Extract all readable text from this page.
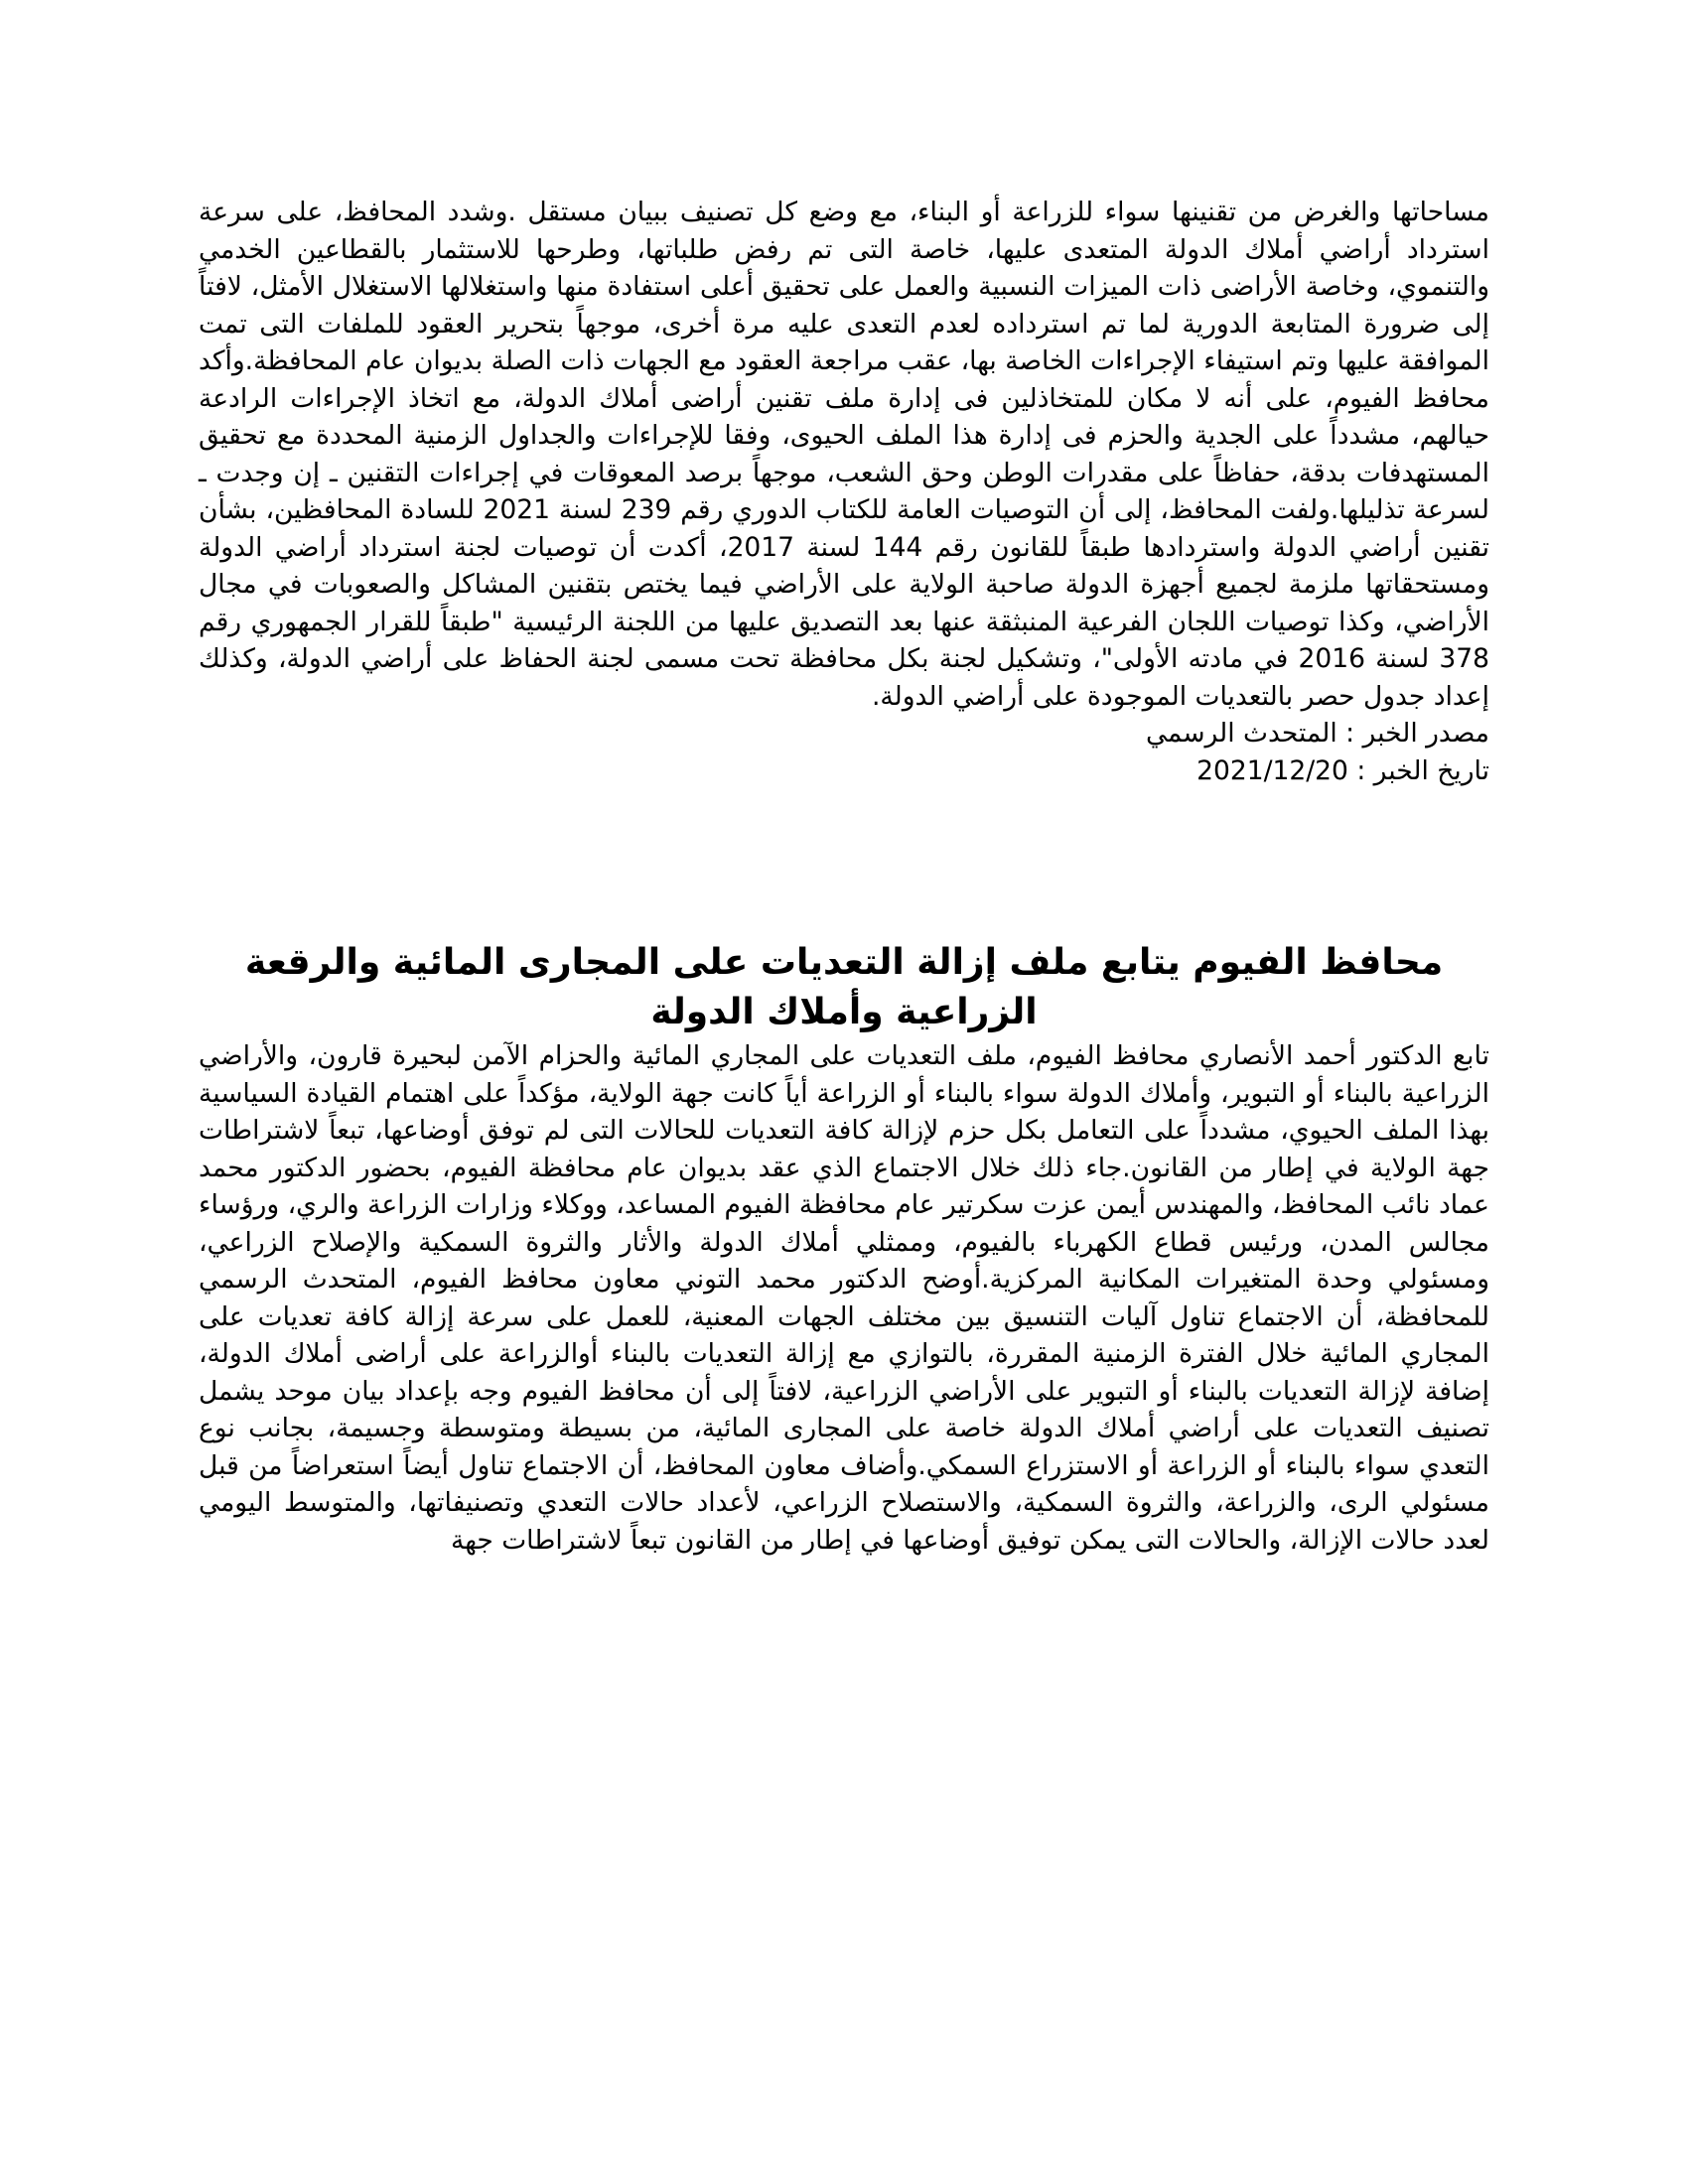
مساحاتها والغرض من تقنينها سواء للزراعة أو البناء، مع وضع كل تصنيف ببيان مستقل .وشدد المحافظ، على سرعة استرداد أراضي أملاك الدولة المتعدى عليها، خاصة التى تم رفض طلباتها، وطرحها للاستثمار بالقطاعين الخدمي والتنموي، وخاصة الأراضى ذات الميزات النسبية والعمل على تحقيق أعلى استفادة منها واستغلالها الاستغلال الأمثل، لافتاً إلى ضرورة المتابعة الدورية لما تم استرداده لعدم التعدى عليه مرة أخرى، موجهاً بتحرير العقود للملفات التى تمت الموافقة عليها وتم استيفاء الإجراءات الخاصة بها، عقب مراجعة العقود مع الجهات ذات الصلة بديوان عام المحافظة.وأكد محافظ الفيوم، على أنه لا مكان للمتخاذلين فى إدارة ملف تقنين أراضى أملاك الدولة، مع اتخاذ الإجراءات الرادعة حيالهم، مشدداً على الجدية والحزم فى إدارة هذا الملف الحيوى، وفقا للإجراءات والجداول الزمنية المحددة مع تحقيق المستهدفات بدقة، حفاظاً على مقدرات الوطن وحق الشعب، موجهاً برصد المعوقات في إجراءات التقنين ـ إن وجدت ـ لسرعة تذليلها.ولفت المحافظ، إلى أن التوصيات العامة للكتاب الدوري رقم 239 لسنة 2021 للسادة المحافظين، بشأن تقنين أراضي الدولة واستردادها طبقاً للقانون رقم 144 لسنة 2017، أكدت أن توصيات لجنة استرداد أراضي الدولة ومستحقاتها ملزمة لجميع أجهزة الدولة صاحبة الولاية على الأراضي فيما يختص بتقنين المشاكل والصعوبات في مجال الأراضي، وكذا توصيات اللجان الفرعية المنبثقة عنها بعد التصديق عليها من اللجنة الرئيسية "طبقاً للقرار الجمهوري رقم 378 لسنة 2016 في مادته الأولى"، وتشكيل لجنة بكل محافظة تحت مسمى لجنة الحفاظ على أراضي الدولة، وكذلك إعداد جدول حصر بالتعديات الموجودة على أراضي الدولة.

مصدر الخبر : المتحدث الرسمي

تاريخ الخبر : 2021/12/20

محافظ الفيوم يتابع ملف إزالة التعديات على المجارى المائية والرقعة الزراعية وأملاك الدولة

تابع الدكتور أحمد الأنصاري محافظ الفيوم، ملف التعديات على المجاري المائية والحزام الآمن لبحيرة قارون، والأراضي الزراعية بالبناء أو التبوير، وأملاك الدولة سواء بالبناء أو الزراعة أياً كانت جهة الولاية، مؤكداً على اهتمام القيادة السياسية بهذا الملف الحيوي، مشدداً على التعامل بكل حزم لإزالة كافة التعديات للحالات التى لم توفق أوضاعها، تبعاً لاشتراطات جهة الولاية في إطار من القانون.جاء ذلك خلال الاجتماع الذي عقد بديوان عام محافظة الفيوم، بحضور الدكتور محمد عماد نائب المحافظ، والمهندس أيمن عزت سكرتير عام محافظة الفيوم المساعد، ووكلاء وزارات الزراعة والري، ورؤساء مجالس المدن، ورئيس قطاع الكهرباء بالفيوم، وممثلي أملاك الدولة والأثار والثروة السمكية والإصلاح الزراعي، ومسئولي وحدة المتغيرات المكانية المركزية.أوضح الدكتور محمد التوني معاون محافظ الفيوم، المتحدث الرسمي للمحافظة، أن الاجتماع تناول آليات التنسيق بين مختلف الجهات المعنية، للعمل على سرعة إزالة كافة تعديات على المجاري المائية خلال الفترة الزمنية المقررة، بالتوازي مع إزالة التعديات بالبناء أوالزراعة على أراضى أملاك الدولة، إضافة لإزالة التعديات بالبناء أو التبوير على الأراضي الزراعية، لافتاً إلى أن محافظ الفيوم وجه بإعداد بيان موحد يشمل تصنيف التعديات على أراضي أملاك الدولة خاصة على المجارى المائية، من بسيطة ومتوسطة وجسيمة، بجانب نوع التعدي سواء بالبناء أو الزراعة أو الاستزراع السمكي.وأضاف معاون المحافظ، أن الاجتماع تناول أيضاً استعراضاً من قبل مسئولي الرى، والزراعة، والثروة السمكية، والاستصلاح الزراعي، لأعداد حالات التعدي وتصنيفاتها، والمتوسط اليومي لعدد حالات الإزالة، والحالات التى يمكن توفيق أوضاعها في إطار من القانون تبعاً لاشتراطات جهة
